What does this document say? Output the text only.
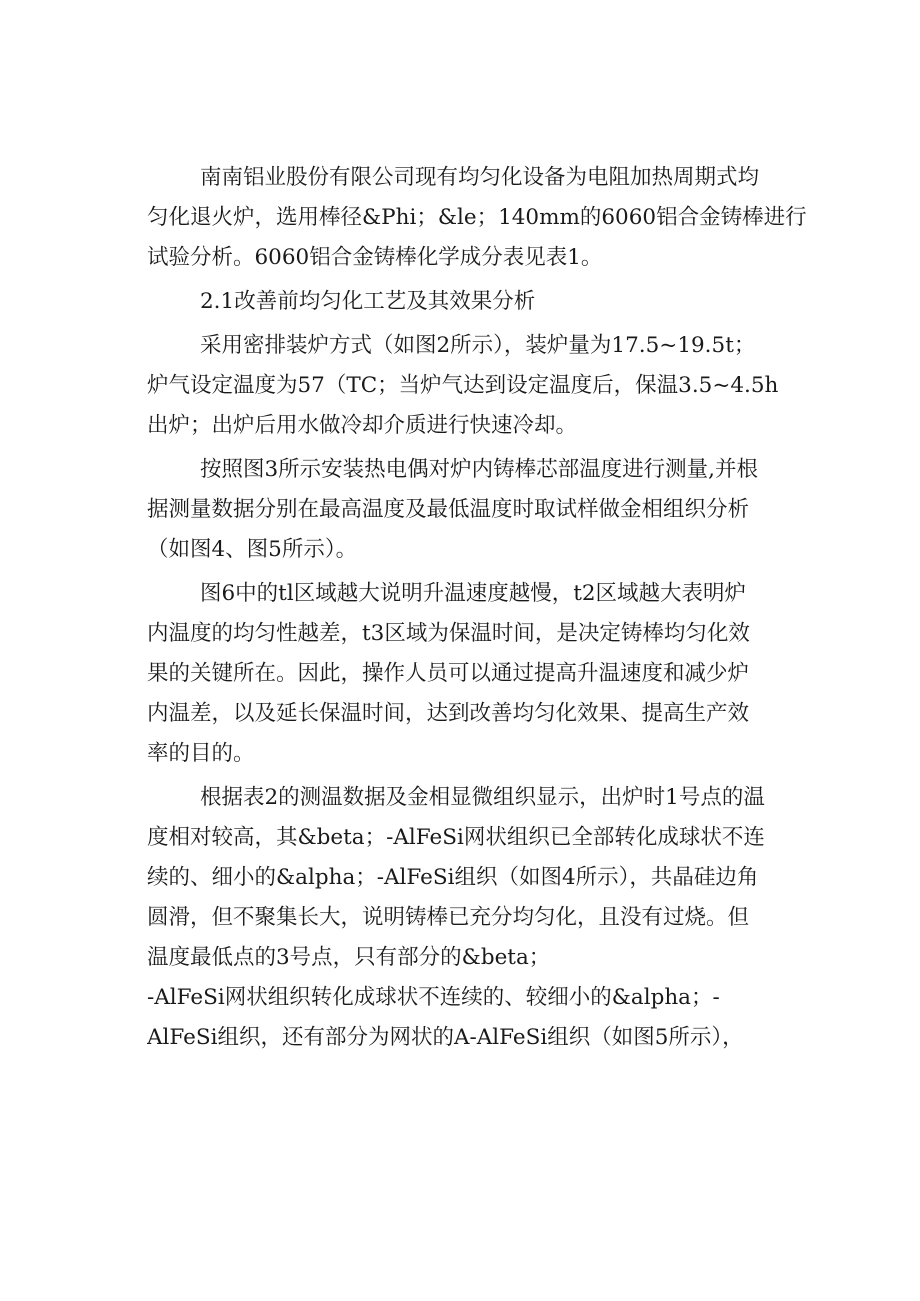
南南铝业股份有限公司现有均匀化设备为电阻加热周期式均
匀化退火炉，选用棒径&Phi；&le；140mm的6060铝合金铸棒进行
试验分析。6060铝合金铸棒化学成分表见表1。
2.1改善前均匀化工艺及其效果分析
采用密排装炉方式（如图2所示），装炉量为17.5~19.5t；
炉气设定温度为57（TC；当炉气达到设定温度后，保温3.5~4.5h
出炉；出炉后用水做冷却介质进行快速冷却。
按照图3所示安装热电偶对炉内铸棒芯部温度进行测量,并根
据测量数据分别在最高温度及最低温度时取试样做金相组织分析
（如图4、图5所示）。
图6中的tl区域越大说明升温速度越慢，t2区域越大表明炉
内温度的均匀性越差，t3区域为保温时间，是决定铸棒均匀化效
果的关键所在。因此，操作人员可以通过提高升温速度和减少炉
内温差，以及延长保温时间，达到改善均匀化效果、提高生产效
率的目的。
根据表2的测温数据及金相显微组织显示，出炉时1号点的温
度相对较高，其&beta；-AlFeSi网状组织已全部转化成球状不连
续的、细小的&alpha；-AlFeSi组织（如图4所示），共晶硅边角
圆滑，但不聚集长大，说明铸棒已充分均匀化，且没有过烧。但
温度最低点的3号点，只有部分的&beta；
-AlFeSi网状组织转化成球状不连续的、较细小的&alpha；-
AlFeSi组织，还有部分为网状的A-AlFeSi组织（如图5所示），
